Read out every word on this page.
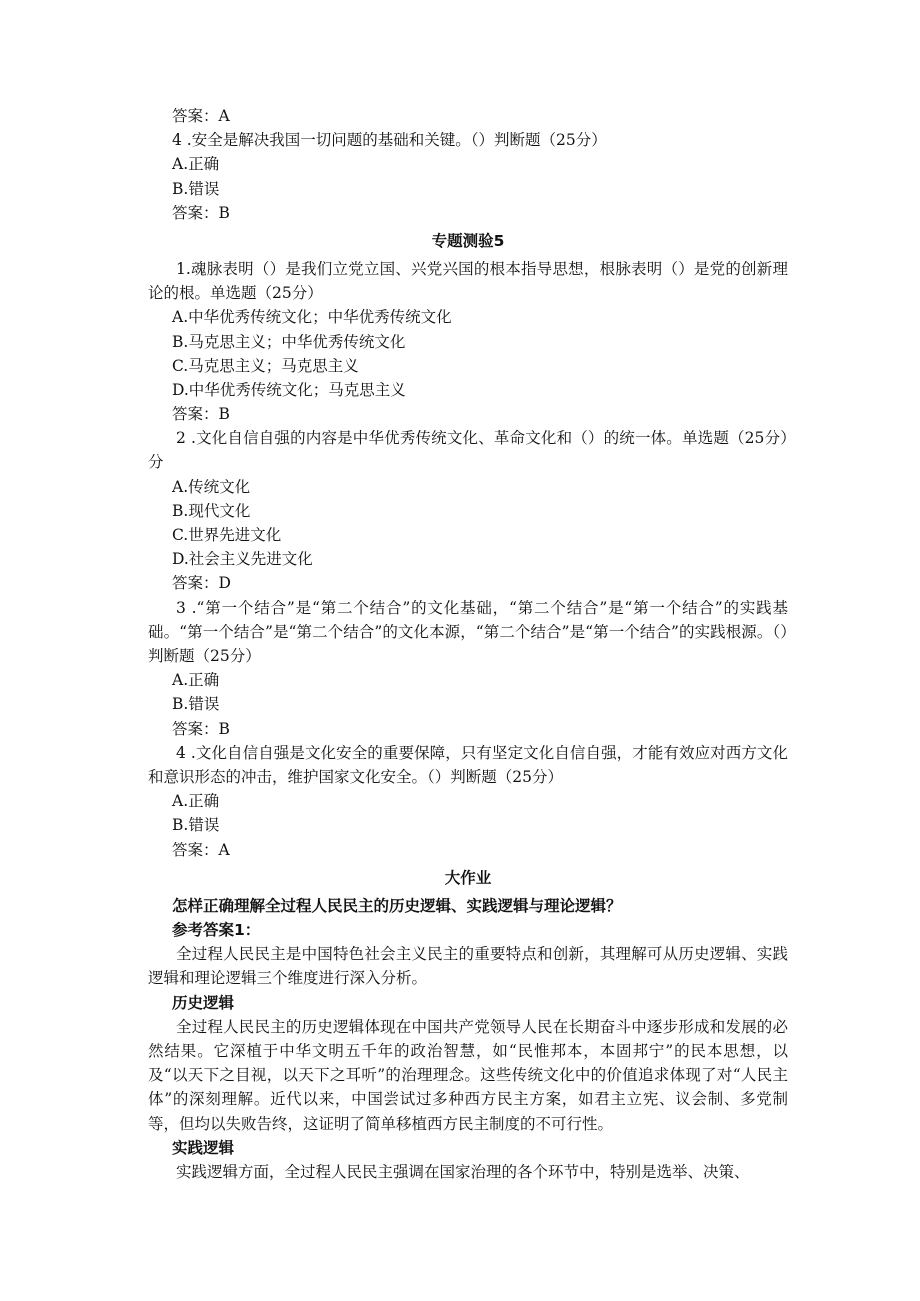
答案：A
4 .安全是解决我国一切问题的基础和关键。（）判断题（25分）
A.正确
B.错误
答案：B
专题测验5
1.魂脉表明（）是我们立党立国、兴党兴国的根本指导思想，根脉表明（）是党的创新理论的根。单选题（25分）
A.中华优秀传统文化；中华优秀传统文化
B.马克思主义；中华优秀传统文化
C.马克思主义；马克思主义
D.中华优秀传统文化；马克思主义
答案：B
2 .文化自信自强的内容是中华优秀传统文化、革命文化和（）的统一体。单选题（25分）分
A.传统文化
B.现代文化
C.世界先进文化
D.社会主义先进文化
答案：D
3 .“第一个结合”是“第二个结合”的文化基础，“第二个结合”是“第一个结合”的实践基础。“第一个结合”是“第二个结合”的文化本源，“第二个结合”是“第一个结合”的实践根源。（）判断题（25分）
A.正确
B.错误
答案：B
4 .文化自信自强是文化安全的重要保障，只有坚定文化自信自强，才能有效应对西方文化和意识形态的冲击，维护国家文化安全。（）判断题（25分）
A.正确
B.错误
答案：A
大作业
怎样正确理解全过程人民民主的历史逻辑、实践逻辑与理论逻辑？
参考答案1：
全过程人民民主是中国特色社会主义民主的重要特点和创新，其理解可从历史逻辑、实践逻辑和理论逻辑三个维度进行深入分析。
历史逻辑
全过程人民民主的历史逻辑体现在中国共产党领导人民在长期奋斗中逐步形成和发展的必然结果。它深植于中华文明五千年的政治智慧，如“民惟邦本，本固邦宁”的民本思想，以及“以天下之目视，以天下之耳听”的治理理念。这些传统文化中的价值追求体现了对“人民主体”的深刻理解。近代以来，中国尝试过多种西方民主方案，如君主立宪、议会制、多党制等，但均以失败告终，这证明了简单移植西方民主制度的不可行性。
实践逻辑
实践逻辑方面，全过程人民民主强调在国家治理的各个环节中，特别是选举、决策、
